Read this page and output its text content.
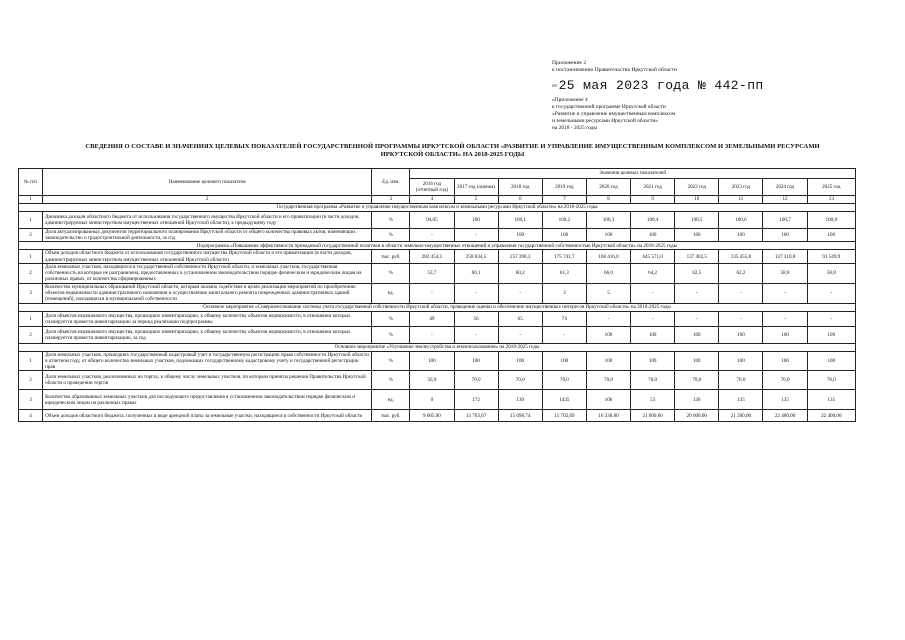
Приложение 2
к постановлению Правительства Иркутской области
от 25 мая 2023 года № 442-пп
«Приложение 4
к государственной программе Иркутской области
«Развитие и управление имущественным комплексом
и земельными ресурсами Иркутской области»
на 2018 - 2025 годы
СВЕДЕНИЯ О СОСТАВЕ И ЗНАЧЕНИЯХ ЦЕЛЕВЫХ ПОКАЗАТЕЛЕЙ ГОСУДАРСТВЕННОЙ ПРОГРАММЫ ИРКУТСКОЙ ОБЛАСТИ «РАЗВИТИЕ И УПРАВЛЕНИЕ ИМУЩЕСТВЕННЫМ КОМПЛЕКСОМ И ЗЕМЕЛЬНЫМИ РЕСУРСАМИ
ИРКУТСКОЙ ОБЛАСТИ» НА 2018-2025 ГОДЫ
№ п/п	Наименование целевого показателя	Ед. изм.	Значения целевых показателей									
			2016 год (отчетный год)	2017 год (оценка)	2018 год	2019 год	2020 год	2021 год	2022 год	2023 год	2024 год	2025 год
1	2	3	4	5	6	7	8	9	10	11	12	13
Государственная программа «Развитие и управление имущественным комплексом и земельными ресурсами Иркутской области» на 2018-2025 годы												
1	Динамика доходов областного бюджета от использования государственного имущества Иркутской области и его приватизации (в части доходов, администрируемых министерством имущественных отношений Иркутской области), к предыдущему году	%	94,05	100	100,1	100,2	100,3	100,4	100,5	100,6	100,7	100,8
2	Доля актуализированных документов территориального планирования Иркутской области от общего количества правовых актов, изменяющих законодательство о градостроительной деятельности, за год	%	-	-	100	100	100	100	100	100	100	100
Подпрограмма «Повышение эффективности проводимой государственной политики в области земельно-имущественных отношений и управления государственной собственностью Иркутской области» на 2018-2025 годы												
1	Объем доходов областного бюджета от использования государственного имущества Иркутской области и его приватизации (в части доходов, администрируемых министерством имущественных отношений Иркутской области)	тыс. руб.	282 454,1	258 834,5	257 396,3	175 741,7	168 416,0	645 571,0	137 402,5	135 455,8	137 310,8	91 549,9
2	Доля земельных участков, находящихся в государственной собственности Иркутской области, и земельных участков, государственная собственность на которые не разграничена, предоставленных в установленном законодательством порядке физическим и юридическим лицам на различных правах, от количества сформированных	%	53,7	60,1	60,2	61,3	66,0	64,2	62,5	62,2	58,8	58,8
3	Количество муниципальных образований Иркутской области, которым оказано содействие в целях реализации мероприятий по приобретению объектов недвижимости административного назначения и осуществлению капитального ремонта поврежденных административных зданий (помещений), находящихся в муниципальной собственности	ед.	-	-	-	3	5	-	-	-	-	-
Основное мероприятие «Совершенствование системы учета государственной собственности Иркутской области, проведение оценки и обеспечение имущественных интересов Иркутской области» на 2018-2025 годы												
1	Доля объектов недвижимого имущества, прошедших инвентаризацию, к общему количеству объектов недвижимости, в отношении которых планируется провести инвентаризацию за период реализации подпрограммы	%	49	56	65	74	-	-	-	-	-	-
2	Доля объектов недвижимого имущества, прошедших инвентаризацию, к общему количеству объектов недвижимости, в отношении которых планируется провести инвентаризацию, за год	%	-	-	-	-	100	100	100	100	100	100
Основное мероприятие «Улучшение землеустройства и землепользования» на 2018-2025 годы												
1	Доля земельных участков, прошедших государственный кадастровый учет и государственную регистрацию права собственности Иркутской области в отчетном году, от общего количества земельных участков, подлежащих государственному кадастровому учету и государственной регистрации прав	%	100	100	100	100	100	100	100	100	100	100
2	Доля земельных участков, реализованных на торгах, к общему числу земельных участков, по которым приняты решения Правительства Иркутской области о проведении торгов	%	56,9	70,0	70,0	70,0	70,0	70,0	70,0	70,0	70,0	70,0
3	Количество образованных земельных участков для последующего предоставления в установленном законодательством порядке физическим и юридическим лицам на различных правах	ед.	0	172	130	1435	106	53	136	135	135	135
4	Объем доходов областного бюджета, полученных в виде арендной платы за земельные участки, находящиеся в собственности Иркутской области	тыс. руб.	9 005,00	13 703,67	15 098,74	15 702,69	16 330,80	21 000,00	20 000,00	21 200,00	22 400,00	22 400,00
